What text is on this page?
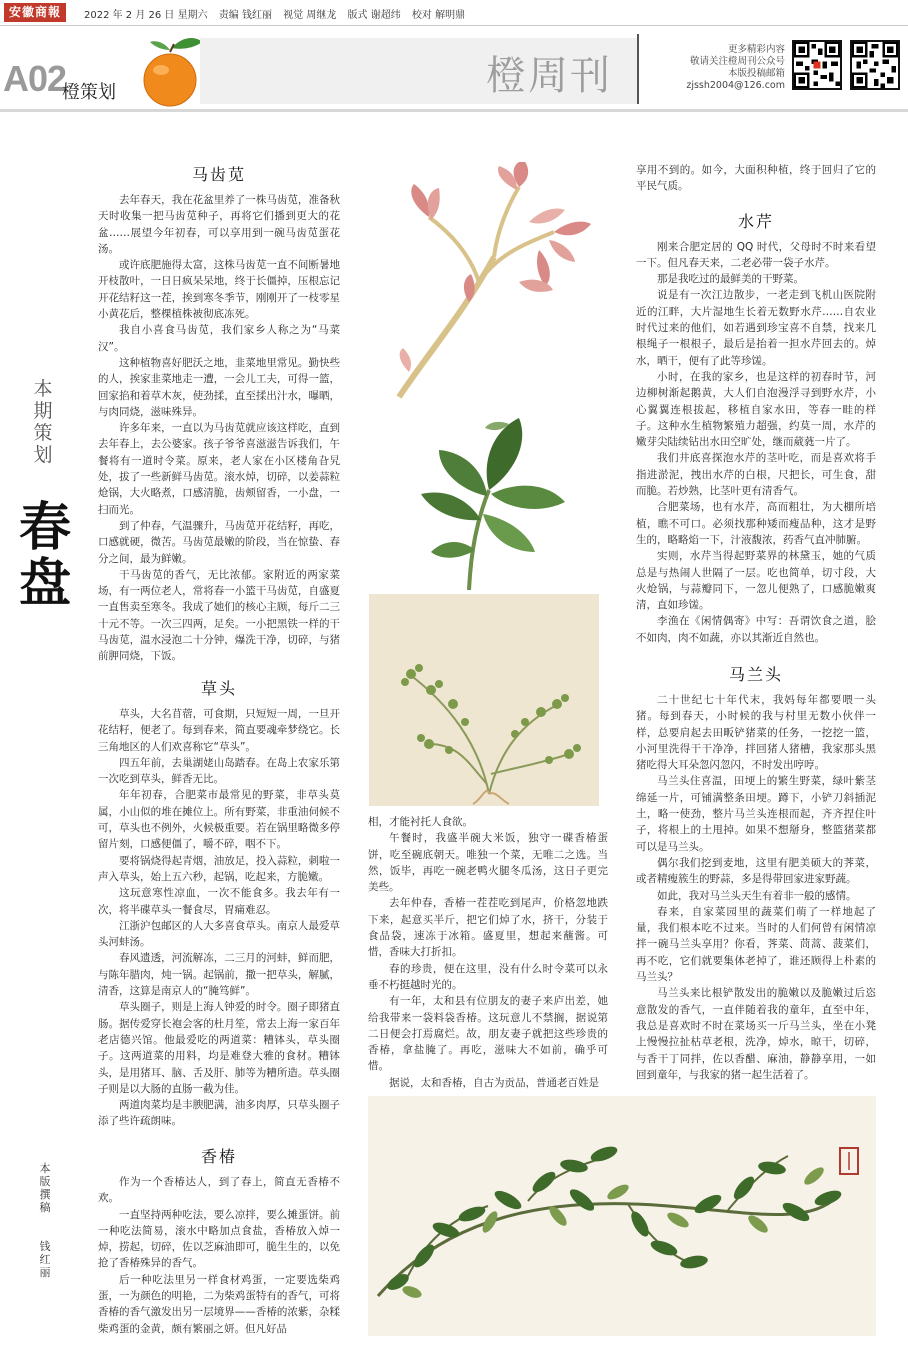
安徽商報	2022 年 2 月 26 日 星期六 责编 钱红丽 视觉 周继龙 版式 谢超纬 校对 解明鼎
A02
橙策划	橙周刊
更多精彩内容
敬请关注橙周刊公众号
本版投稿邮箱
zjssh2004@126.com
本
期
策
划
春
盘
本
版
撰
稿
钱
红
丽
马齿苋

去年春天，我在花盆里养了一株马齿苋，准备秋天时收集一把马齿苋种子，再将它们播到更大的花盆……展望今年初春，可以享用到一碗马齿苋蛋花汤。

或许底肥施得太富，这株马齿苋一直不间断暑地开枝散叶，一日日疯呆呆地，终于长僵掉，压根忘记开花结籽这一茬，挨到寒冬季节，刚刚开了一枝零星小黄花后，整棵植株被彻底冻死。

我自小喜食马齿苋，我们家乡人称之为“马菜汉”。

这种植物喜好肥沃之地，韭菜地里常见。勤快些的人，挨家韭菜地走一遭，一会儿工夫，可得一篮，回家掐和着草木灰，使劲揉，直至揉出汁水，曝晒，与肉同烧，滋味殊异。

许多年来，一直以为马齿苋就应该这样吃，直到去年春上，去公婆家。孩子爷爷喜滋滋告诉我们，午餐将有一道时令菜。原来，老人家在小区楼角旮旯处，拔了一些新鲜马齿苋。滚水焯，切碎，以姜蒜粒炝锅，大火略煮，口感清脆，齿颊留香，一小盘，一扫而光。

到了仲春，气温骤升，马齿苋开花结籽，再吃，口感就硬，微苦。马齿苋最嫩的阶段，当在惊蛰、春分之间，最为鲜嫩。

干马齿苋的香气，无比浓郁。家附近的两家菜场，有一两位老人，常将春一小篮干马齿苋，自盛夏一直售卖至寒冬。我成了她们的核心主顾，每斤二三十元不等。一次三四两，足矣。一小把黑铁一样的干马齿苋，温水浸泡二十分钟，爆洗干净，切碎，与猪前胛同烧，下饭。

草头

草头，大名苜蓿，可食期，只短短一周，一旦开花结籽，便老了。每到春来，简直要魂牵梦绕它。长三角地区的人们欢喜称它“草头”。

四五年前，去巢湖姥山岛踏春。在岛上农家乐第一次吃到草头，鲜香无比。

年年初春，合肥菜市最常见的野菜，非草头莫属，小山似的堆在摊位上。所有野菜，非重油伺候不可，草头也不例外，火候极重要。若在锅里略微多停留片刻，口感便僵了，嚼不碎，咽不下。

要将锅烧得起青烟，油放足，投入蒜粒，刺啦一声入草头，始上五六秒，起锅，吃起来，方脆嫩。

这玩意寒性凉血，一次不能食多。我去年有一次，将半碟草头一餐食尽，胃痛难忍。

江浙沪包邮区的人大多喜食草头。南京人最爱草头河蚌汤。

春风遗透，河流解冻，二三月的河蚌，鲜而肥，与陈年腊肉，炖一锅。起锅前，撒一把草头，解腻，清香，这算是南京人的“腌笃鲜”。

草头圈子，则是上海人钟爱的时令。圈子即猪直肠。据传爱穿长袍会客的杜月笙，常去上海一家百年老店德兴馆。他最爱吃的两道菜：糟钵头，草头圈子。这两道菜的用料，均是难登大雅的食材。糟钵头，是用猪耳、脑、舌及肝、肺等为糟所造。草头圈子则是以大肠的直肠一截为佳。

两道肉菜均是丰腴肥满，油多肉厚，只草头圈子添了些许疏朗味。

香椿

作为一个香椿达人，到了春上，简直无香椿不欢。

一直坚持两种吃法，要么凉拌，要么摊蛋饼。前一种吃法简易，滚水中略加点食盐，香椿放入焯一焯，捞起，切碎，佐以芝麻油即可，脆生生的，以免抢了香椿殊异的香气。

后一种吃法里另一样食材鸡蛋，一定要选柴鸡蛋，一为颜色的明艳，二为柴鸡蛋特有的香气，可将香椿的香气激发出另一层境界——香椿的浓紫，杂糅柴鸡蛋的金黄，颇有繁丽之妍。但凡好品

相，才能衬托人食欲。

午餐时，我盛半碗大米饭，独守一碟香椿蛋饼，吃至碗底朝天。唯独一个菜，无唯二之选。当然，饭毕，再吃一碗老鸭火腿冬瓜汤，这日子更完美些。

去年仲春，香椿一茬茬吃到尾声，价格忽地跌下来，起意买半斤，把它们焯了水，挤干，分装于食品袋，速冻于冰箱。盛夏里，想起来蘸酱。可惜，香味大打折扣。

春的珍贵，便在这里，没有什么时令菜可以永垂不朽挺越时光的。

有一年，太和县有位朋友的妻子来庐出差，她给我带来一袋料袋香椿。这玩意儿不禁搁，据说第二日便会打焉腐烂。故，朋友妻子就把这些珍贵的香椿，拿盐腌了。再吃，滋味大不如前，确乎可惜。

据说，太和香椿，自古为贡品，普通老百姓是

享用不到的。如今，大面积种植，终于回归了它的平民气质。

水芹

刚来合肥定居的 QQ 时代，父母时不时来看望一下。但凡春天来，二老必带一袋子水芹。

那是我吃过的最鲜美的干野菜。

说是有一次江边散步，一老走到飞机山医院附近的江畔，大片湿地生长着无数野水芹……自农业时代过来的他们，如若遇到珍宝喜不自禁，找来几根绳子一根根子，最后是抬着一担水芹回去的。焯水，晒干，便有了此等珍馐。

小时，在我的家乡，也是这样的初春时节，河边柳树渐起鹅黄，大人们自泡漫浮寻到野水芹，小心翼翼连根拔起，移植自家水田，等春一畦的样子。这种水生植物繁殖力超强，约莫一周，水芹的嫩芽尖陆续钻出水田空旷处，继而葳蕤一片了。

我们井底喜探泡水芹的茎叶吃，而是喜欢将手指进淤泥，拽出水芹的白根，尺把长，可生食，甜而脆。若炒熟，比茎叶更有清香气。

合肥菜场，也有水芹，高而粗壮，为大棚所培植，瞧不可口。必须找那种矮而瘦品种，这才是野生的，略略焰一下，汁液馥浓，药香气直冲肺腑。

实则，水芹当得起野菜界的林黛玉，她的气质总是与热闹人世隔了一层。吃也简单，切寸段，大火炝锅，与蒜瓣同下，一忽儿便熟了，口感脆嫩爽清，直如珍馐。

李渔在《闲情偶寄》中写：吾谓饮食之道，脍不如肉，肉不如蔬，亦以其渐近自然也。

马兰头

二十世纪七十年代末，我妈每年都要喂一头猪。每到春天，小时候的我与村里无数小伙伴一样，总要肩起去田畈铲猪菜的任务，一挖挖一篮，小河里洗得干干净净，拌回猪人猪槽，我家那头黑猪吃得大耳朵忽闪忽闪，不时发出哼哼。

马兰头住喜温，田埂上的繁生野菜，绿叶紫茎绵延一片，可铺满整条田埂。蹲下，小铲刀斜插泥土，略一使劲，整片马兰头连根而起，齐齐捏住叶子，将根上的土甩掉。如果不想掰身，整篮猪菜都可以是马兰头。

偶尔我们挖到麦地，这里有肥美硕大的荠菜，或者精瘦簇生的野蒜，多是得带回家进家野蔬。

如此，我对马兰头天生有着非一般的感情。

春来，自家菜园里的蔬菜们萌了一样地起了量，我们根本吃不过来。当时的人们何曾有闲情凉拌一碗马兰头享用？你看，荠菜、茼蒿、菠菜们，再不吃，它们就要集体老掉了，谁还顾得上朴素的马兰头？

马兰头来比根铲散发出的脆嫩以及脆嫩过后恣意散发的香气，一直伴随着我的童年，直至中年，我总是喜欢时不时在菜场买一斤马兰头，坐在小凳上慢慢拉扯枯草老根，洗净，焯水，晾干，切碎，与香干丁同拌，佐以香醋、麻油，静静享用，一如回到童年，与我家的猪一起生活着了。
